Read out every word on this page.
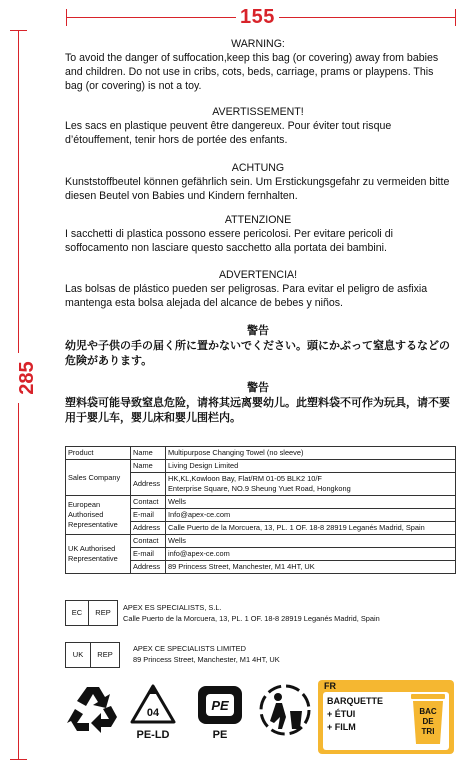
155
285

WARNING:

To avoid the danger of suffocation,keep this bag (or covering) away from babies and children. Do not use in cribs, cots, beds, carriage, prams or playpens. This bag (or covering) is not a toy.

AVERTISSEMENT!

Les sacs en plastique peuvent être dangereux. Pour éviter tout risque d’étouffement, tenir hors de portée des enfants.

ACHTUNG

Kunststoffbeutel können gefährlich sein. Um Erstickungsgefahr zu vermeiden bitte diesen Beutel von Babies und Kindern fernhalten.

ATTENZIONE

I sacchetti di plastica possono essere pericolosi. Per evitare pericoli di soffocamento non lasciare questo sacchetto alla portata dei bambini.

ADVERTENCIA!

Las bolsas de plástico pueden ser peligrosas. Para evitar el peligro de asfixia mantenga esta bolsa alejada del alcance de bebes y niños.

警告

幼児や子供の手の届く所に置かないでください。頭にかぶって窒息するなどの危険があります。

警告

塑料袋可能导致窒息危险，请将其远离婴幼儿。此塑料袋不可作为玩具，请不要用于婴儿车，婴儿床和婴儿围栏内。

Product	Name	Multipurpose Changing Towel (no sleeve)
Sales Company	Name	Living Design Limited
	Address	HK,KL,Kowloon Bay, Flat/RM 01-05 BLK2 10/F
Enterprise Square, NO.9 Sheung Yuet Road, Hongkong

European Authorised Representative	Contact	Wells
	E-mail	Info@apex-ce.com
	Address	Calle Puerto de la Morcuera, 13, PL. 1 OF. 18-8 28919 Leganés Madrid, Spain
UK Authorised Representative	Contact	Wells
	E-mail	info@apex-ce.com
	Address	89 Princess Street, Manchester, M1 4HT, UK
EC REP
APEX ES SPECIALISTS, S.L.
Calle Puerto de la Morcuera, 13, PL. 1 OF. 18-8 28919 Leganés Madrid, Spain
UK REP
APEX CE SPECIALISTS LIMITED
89 Princess Street, Manchester, M1 4HT, UK
04
PE-LD
PE
PE
FR
BARQUETTE
+ ÉTUI
+ FILM
BAC
DE
TRI
